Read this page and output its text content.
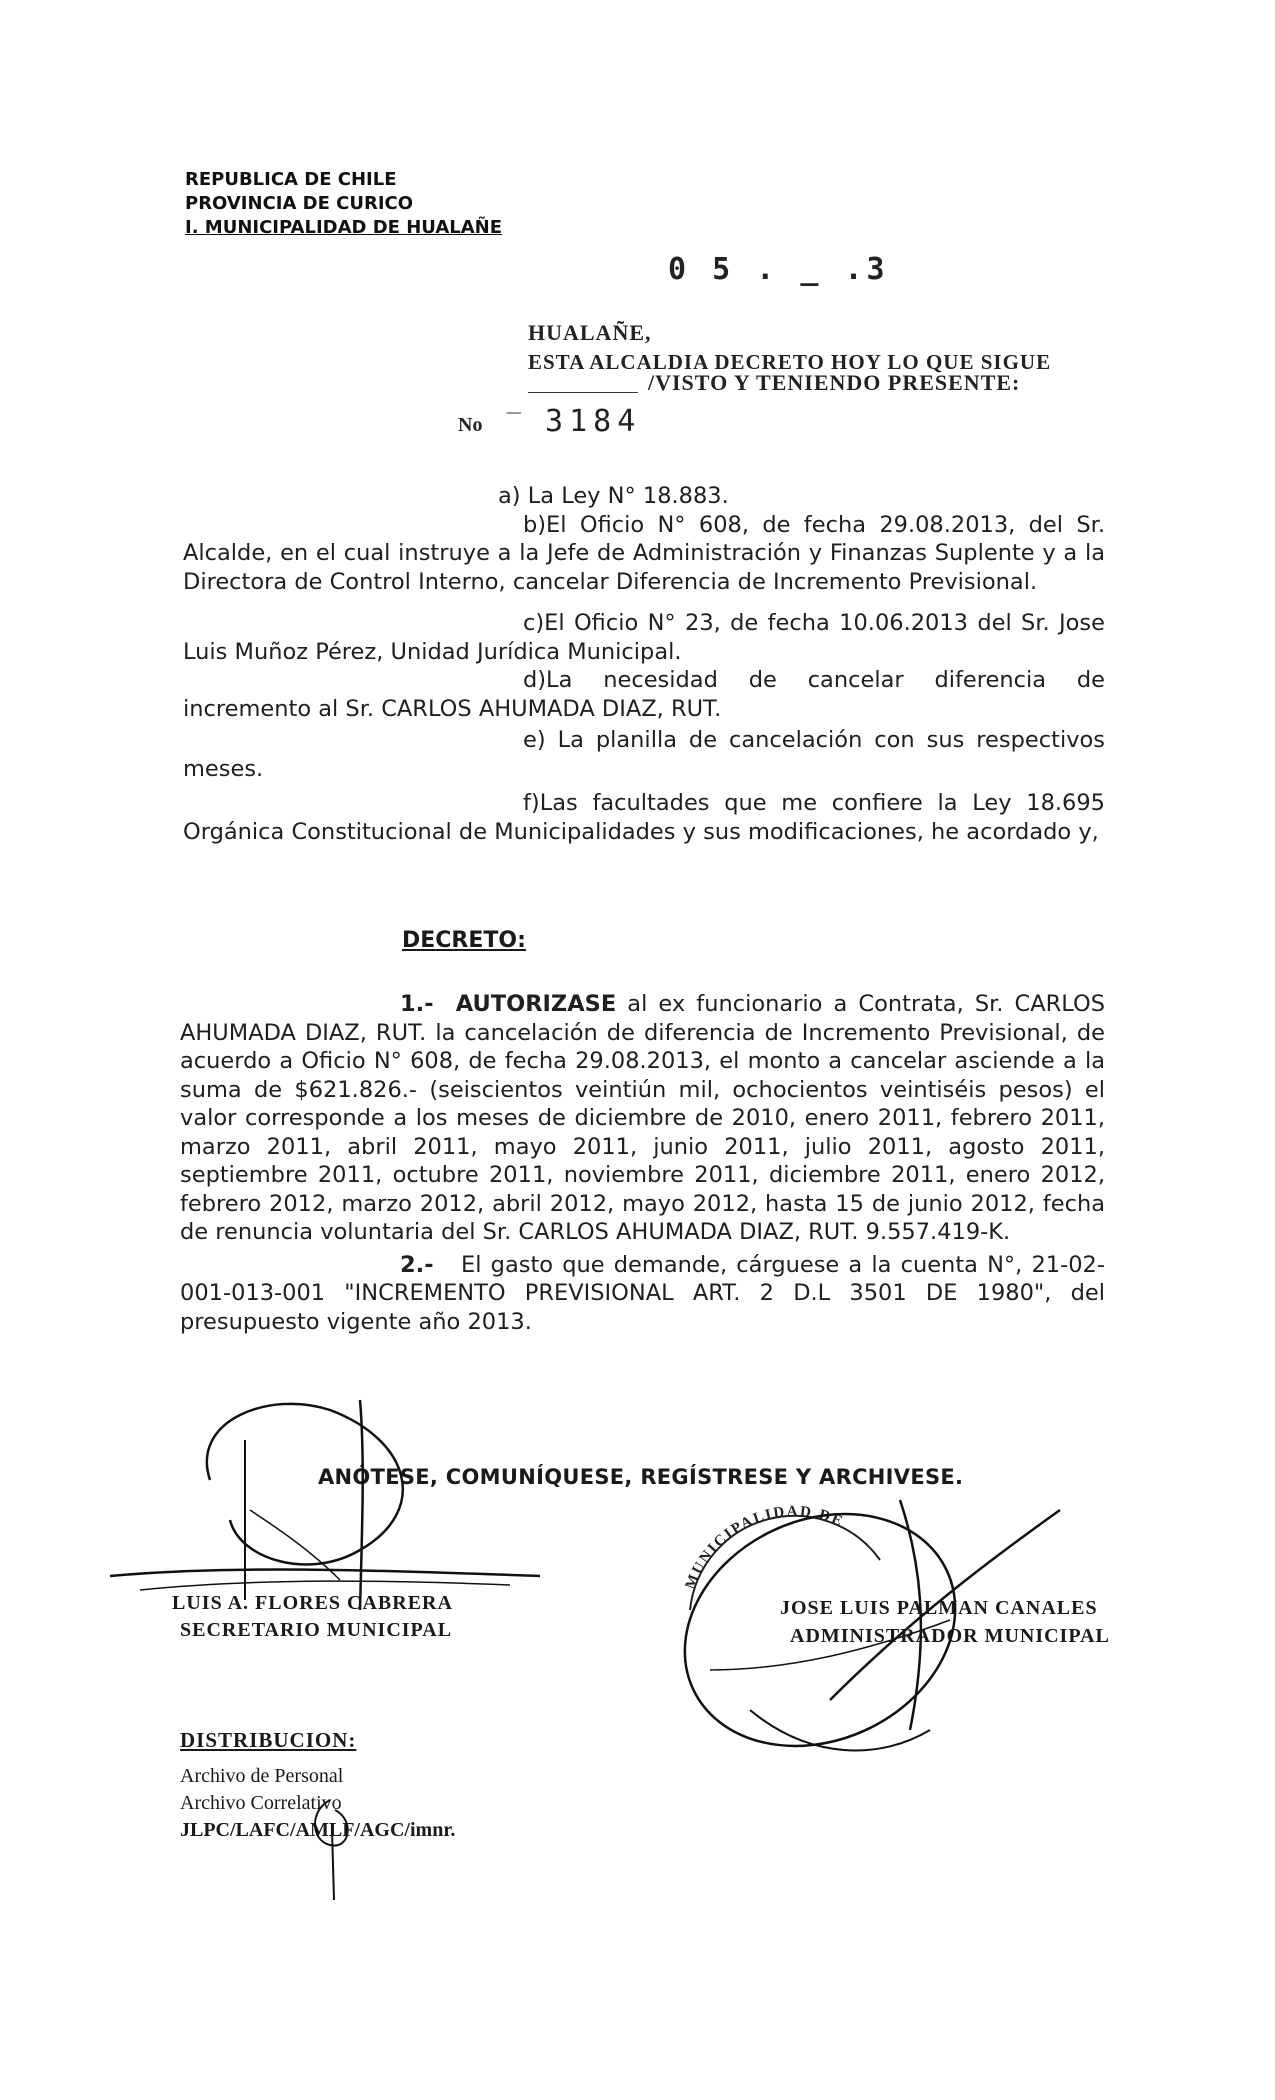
REPUBLICA DE CHILE
PROVINCIA DE CURICO
I. MUNICIPALIDAD DE HUALAÑE
0 5 . _ .3
HUALAÑE,
ESTA ALCALDIA DECRETO HOY LO QUE SIGUE
/VISTO Y TENIENDO PRESENTE:
No ‾ 3184
a) La Ley N° 18.883.
b)El Oficio N° 608, de fecha 29.08.2013, del Sr. Alcalde, en el cual instruye a la Jefe de Administración y Finanzas Suplente y a la Directora de Control Interno, cancelar Diferencia de Incremento Previsional.
c)El Oficio N° 23, de fecha 10.06.2013 del Sr. Jose Luis Muñoz Pérez, Unidad Jurídica Municipal.
d)La necesidad de cancelar diferencia de incremento al Sr. CARLOS AHUMADA DIAZ, RUT.
e) La planilla de cancelación con sus respectivos meses.
f)Las facultades que me confiere la Ley 18.695 Orgánica Constitucional de Municipalidades y sus modificaciones, he acordado y,
DECRETO:
1.- AUTORIZASE al ex funcionario a Contrata, Sr. CARLOS AHUMADA DIAZ, RUT. la cancelación de diferencia de Incremento Previsional, de acuerdo a Oficio N° 608, de fecha 29.08.2013, el monto a cancelar asciende a la suma de $621.826.- (seiscientos veintiún mil, ochocientos veintiséis pesos) el valor corresponde a los meses de diciembre de 2010, enero 2011, febrero 2011, marzo 2011, abril 2011, mayo 2011, junio 2011, julio 2011, agosto 2011, septiembre 2011, octubre 2011, noviembre 2011, diciembre 2011, enero 2012, febrero 2012, marzo 2012, abril 2012, mayo 2012, hasta 15 de junio 2012, fecha de renuncia voluntaria del Sr. CARLOS AHUMADA DIAZ, RUT. 9.557.419-K.
2.- El gasto que demande, cárguese a la cuenta N°, 21-02-001-013-001 "INCREMENTO PREVISIONAL ART. 2 D.L 3501 DE 1980", del presupuesto vigente año 2013.
ANÓTESE, COMUNÍQUESE, REGÍSTRESE Y ARCHIVESE.
LUIS A. FLORES CABRERA
SECRETARIO MUNICIPAL
MUNICIPALIDAD DE
JOSE LUIS PALMAN CANALES
ADMINISTRADOR MUNICIPAL
DISTRIBUCION:
Archivo de Personal
Archivo Correlativo
JLPC/LAFC/AMLF/AGC/imnr.
